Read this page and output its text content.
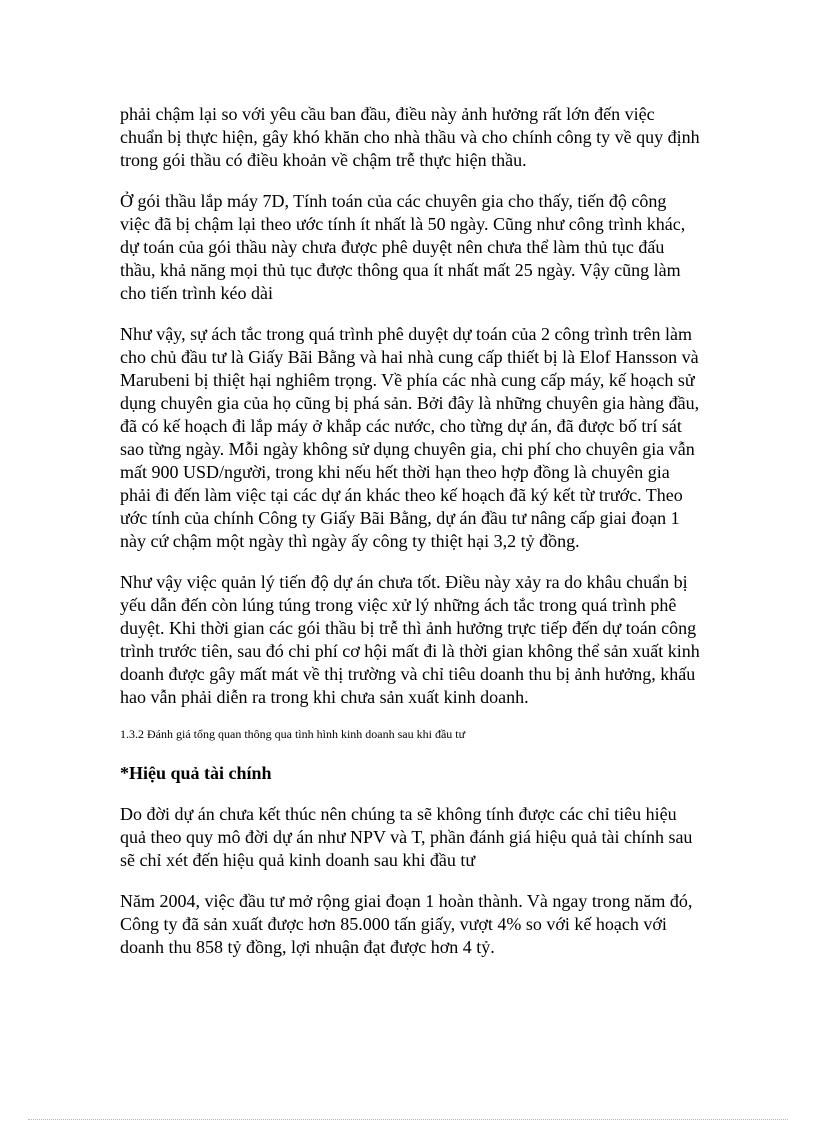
phải chậm lại so với yêu cầu ban đầu, điều này ảnh hưởng rất lớn đến việc chuẩn bị thực hiện, gây khó khăn cho nhà thầu và cho chính công ty về quy định trong gói thầu có điều khoản về chậm trễ thực hiện thầu.

Ở gói thầu lắp máy 7D, Tính toán của các chuyên gia cho thấy, tiến độ công việc đã bị chậm lại theo ước tính ít nhất là 50 ngày. Cũng như công trình khác, dự toán của gói thầu này chưa được phê duyệt nên chưa thể làm thủ tục đấu thầu, khả năng mọi thủ tục được thông qua ít nhất mất 25 ngày. Vậy cũng làm cho tiến trình kéo dài

Như vậy, sự ách tắc trong quá trình phê duyệt dự toán của 2 công trình trên làm cho chủ đầu tư là Giấy Bãi Bằng và hai nhà cung cấp thiết bị là Elof Hansson và Marubeni bị thiệt hại nghiêm trọng. Về phía các nhà cung cấp máy, kế hoạch sử dụng chuyên gia của họ cũng bị phá sản. Bởi đây là những chuyên gia hàng đầu, đã có kế hoạch đi lắp máy ở khắp các nước, cho từng dự án, đã được bố trí sát sao từng ngày. Mỗi ngày không sử dụng chuyên gia, chi phí cho chuyên gia vẫn mất 900 USD/người, trong khi nếu hết thời hạn theo hợp đồng là chuyên gia phải đi đến làm việc tại các dự án khác theo kế hoạch đã ký kết từ trước. Theo ước tính của chính Công ty Giấy Bãi Bằng, dự án đầu tư nâng cấp giai đoạn 1 này cứ chậm một ngày thì ngày ấy công ty thiệt hại 3,2 tỷ đồng.

Như vậy việc quản lý tiến độ dự án chưa tốt. Điều này xảy ra do khâu chuẩn bị yếu dẫn đến còn lúng túng trong việc xử lý những ách tắc trong quá trình phê duyệt. Khi thời gian các gói thầu bị trễ thì ảnh hưởng trực tiếp đến dự toán công trình trước tiên, sau đó chi phí cơ hội mất đi là thời gian không thể sản xuất kinh doanh được gây mất mát về thị trường và chỉ tiêu doanh thu bị ảnh hưởng, khấu hao vẫn phải diễn ra trong khi chưa sản xuất kinh doanh.

1.3.2 Đánh giá tổng quan thông qua tình hình kinh doanh sau khi đầu tư

*Hiệu quả tài chính

Do đời dự án chưa kết thúc nên chúng ta sẽ không tính được các chỉ tiêu hiệu quả theo quy mô đời dự án như NPV và T, phần đánh giá hiệu quả tài chính sau sẽ chỉ xét đến hiệu quả kinh doanh sau khi đầu tư

Năm 2004, việc đầu tư mở rộng giai đoạn 1 hoàn thành. Và ngay trong năm đó, Công ty đã sản xuất được hơn 85.000 tấn giấy, vượt 4% so với kế hoạch với doanh thu 858 tỷ đồng, lợi nhuận đạt được hơn 4 tỷ.
